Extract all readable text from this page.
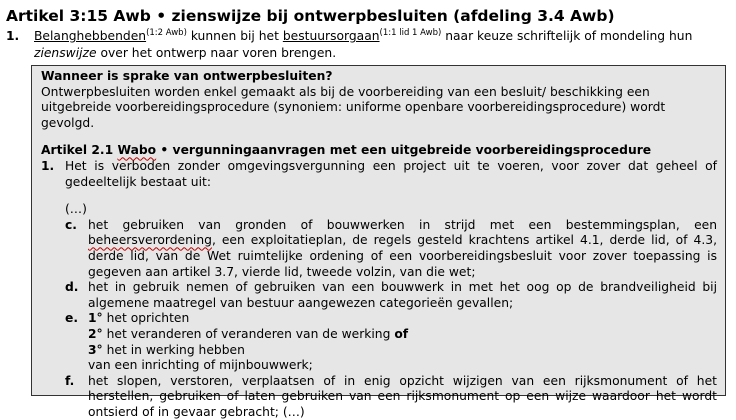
Artikel 3:15 Awb • zienswijze bij ontwerpbesluiten (afdeling 3.4 Awb)
1. Belanghebbenden$^{(1:2 Awb)}$ kunnen bij het bestuursorgaan$^{(1:1 lid 1 Awb)}$ naar keuze schriftelijk of mondeling hun zienswijze over het ontwerp naar voren brengen.

Wanneer is sprake van ontwerpbesluiten?

Ontwerpbesluiten worden enkel gemaakt als bij de voorbereiding van een besluit/ beschikking een uitgebreide voorbereidingsprocedure (synoniem: uniforme openbare voorbereidingsprocedure) wordt gevolgd.

Artikel 2.1 Wabo • vergunningaanvragen met een uitgebreide voorbereidingsprocedure

1. Het is verboden zonder omgevingsvergunning een project uit te voeren, voor zover dat geheel of gedeeltelijk bestaat uit:
(…)
c. het gebruiken van gronden of bouwwerken in strijd met een bestemmingsplan, een beheersverordening, een exploitatieplan, de regels gesteld krachtens artikel 4.1, derde lid, of 4.3, derde lid, van de Wet ruimtelijke ordening of een voorbereidingsbesluit voor zover toepassing is gegeven aan artikel 3.7, vierde lid, tweede volzin, van die wet;
d. het in gebruik nemen of gebruiken van een bouwwerk in met het oog op de brandveiligheid bij algemene maatregel van bestuur aangewezen categorieën gevallen;
e. 1° het oprichten
2° het veranderen of veranderen van de werking of
3° het in werking hebben
van een inrichting of mijnbouwwerk;
f. het slopen, verstoren, verplaatsen of in enig opzicht wijzigen van een rijksmonument of het herstellen, gebruiken of laten gebruiken van een rijksmonument op een wijze waardoor het wordt ontsierd of in gevaar gebracht; (…)
